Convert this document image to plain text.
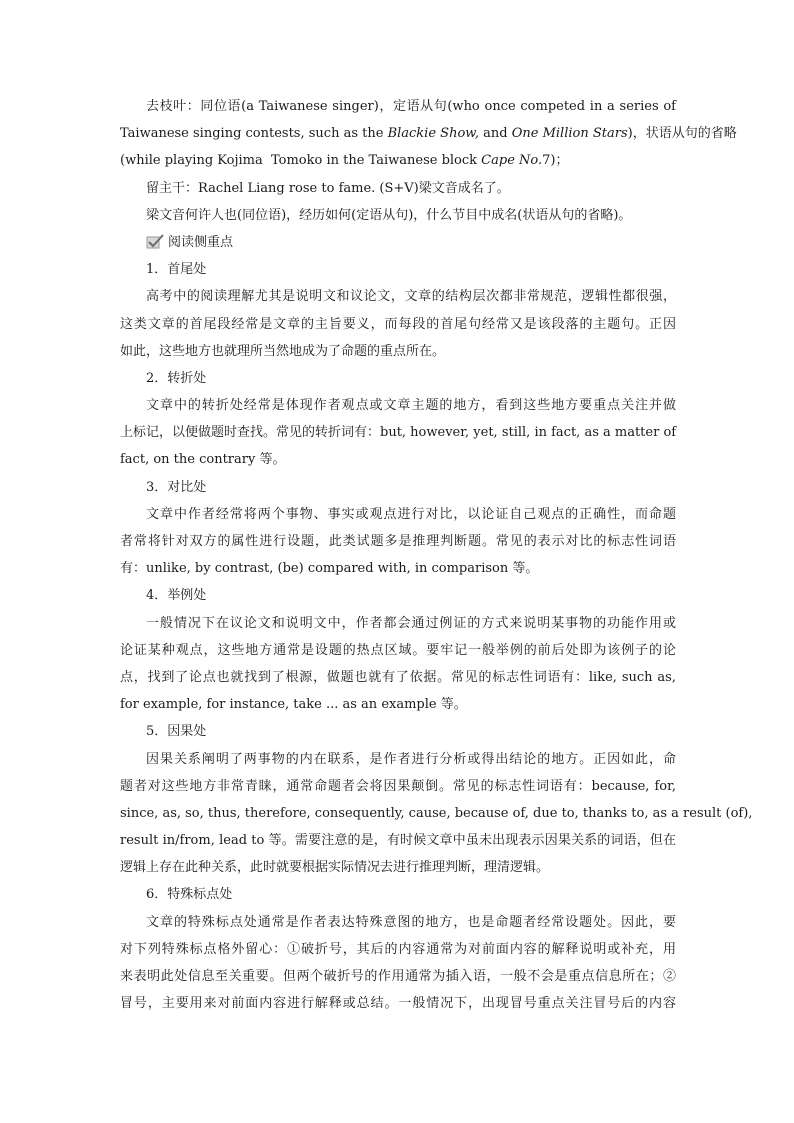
去枝叶：同位语(a Taiwanese singer)，定语从句(who once competed in a series of
Taiwanese singing contests, such as the Blackie Show, and One Million Stars)，状语从句的省略
(while playing Kojima  Tomoko in the Taiwanese block Cape No.7)；
留主干：Rachel Liang rose to fame. (S+V)梁文音成名了。
梁文音何许人也(同位语)，经历如何(定语从句)，什么节目中成名(状语从句的省略)。
阅读侧重点
1．首尾处
高考中的阅读理解尤其是说明文和议论文，文章的结构层次都非常规范，逻辑性都很强，
这类文章的首尾段经常是文章的主旨要义，而每段的首尾句经常又是该段落的主题句。正因
如此，这些地方也就理所当然地成为了命题的重点所在。
2．转折处
文章中的转折处经常是体现作者观点或文章主题的地方，看到这些地方要重点关注并做
上标记，以便做题时查找。常见的转折词有：but, however, yet, still, in fact, as a matter of
fact, on the contrary 等。
3．对比处
文章中作者经常将两个事物、事实或观点进行对比，以论证自己观点的正确性，而命题
者常将针对双方的属性进行设题，此类试题多是推理判断题。常见的表示对比的标志性词语
有：unlike, by contrast, (be) compared with, in comparison 等。
4．举例处
一般情况下在议论文和说明文中，作者都会通过例证的方式来说明某事物的功能作用或
论证某种观点，这些地方通常是设题的热点区域。要牢记一般举例的前后处即为该例子的论
点，找到了论点也就找到了根源，做题也就有了依据。常见的标志性词语有：like, such as,
for example, for instance, take ... as an example 等。
5．因果处
因果关系阐明了两事物的内在联系，是作者进行分析或得出结论的地方。正因如此，命
题者对这些地方非常青睐，通常命题者会将因果颠倒。常见的标志性词语有：because, for,
since, as, so, thus, therefore, consequently, cause, because of, due to, thanks to, as a result (of),
result in/from, lead to 等。需要注意的是，有时候文章中虽未出现表示因果关系的词语，但在
逻辑上存在此种关系，此时就要根据实际情况去进行推理判断，理清逻辑。
6．特殊标点处
文章的特殊标点处通常是作者表达特殊意图的地方，也是命题者经常设题处。因此，要
对下列特殊标点格外留心：①破折号，其后的内容通常为对前面内容的解释说明或补充，用
来表明此处信息至关重要。但两个破折号的作用通常为插入语，一般不会是重点信息所在；②
冒号，主要用来对前面内容进行解释或总结。一般情况下，出现冒号重点关注冒号后的内容
